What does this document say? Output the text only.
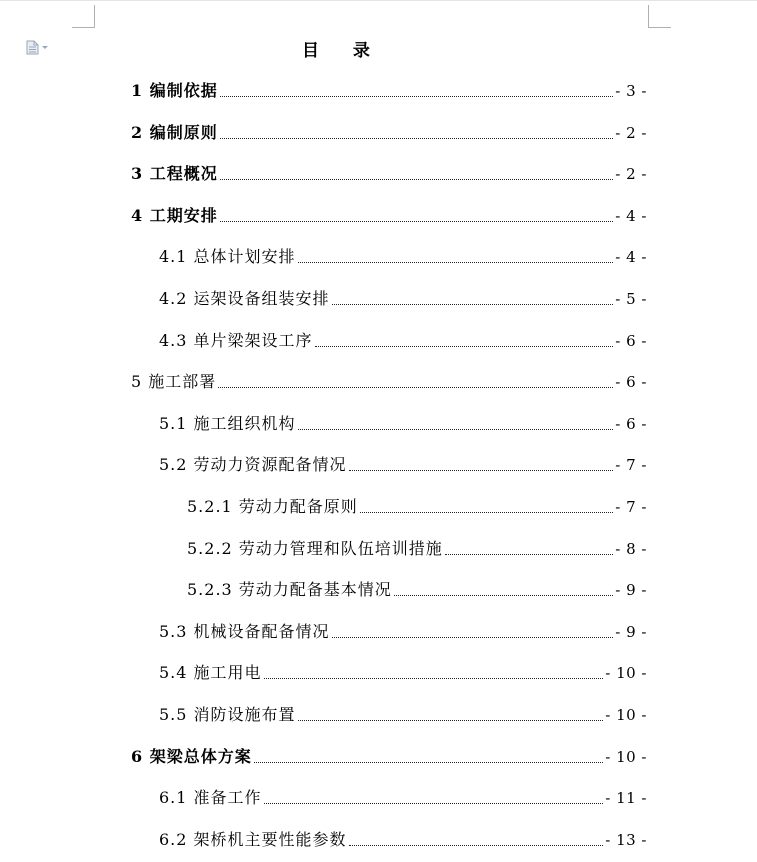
目 录
1 编制依据	- 3 -
2 编制原则	- 2 -
3 工程概况	- 2 -
4 工期安排	- 4 -
4.1 总体计划安排	- 4 -
4.2 运架设备组装安排	- 5 -
4.3 单片梁架设工序	- 6 -
5 施工部署	- 6 -
5.1 施工组织机构	- 6 -
5.2 劳动力资源配备情况	- 7 -
5.2.1 劳动力配备原则	- 7 -
5.2.2 劳动力管理和队伍培训措施	- 8 -
5.2.3 劳动力配备基本情况	- 9 -
5.3 机械设备配备情况	- 9 -
5.4 施工用电	- 10 -
5.5 消防设施布置	- 10 -
6 架梁总体方案	- 10 -
6.1 准备工作	- 11 -
6.2 架桥机主要性能参数	- 13 -
